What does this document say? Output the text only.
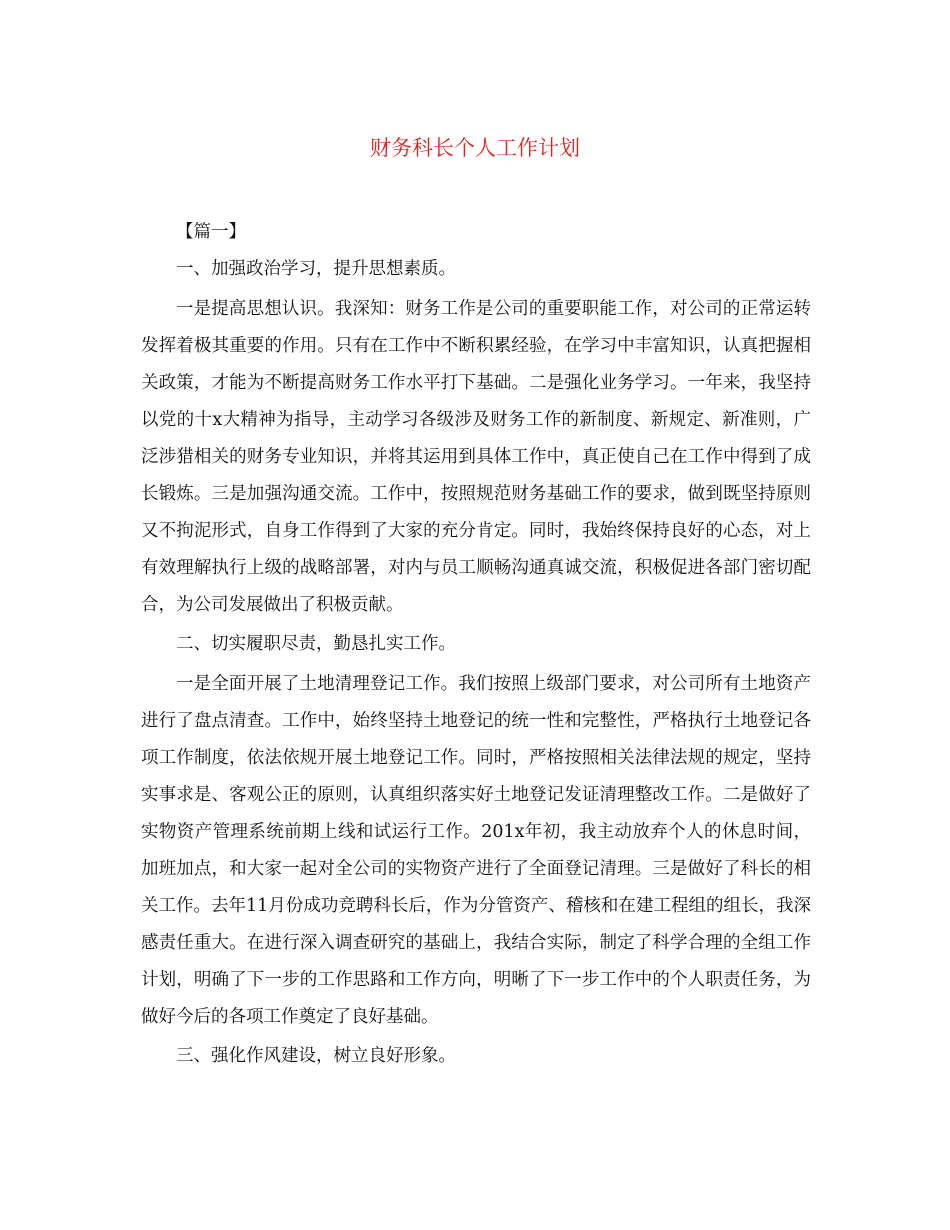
财务科长个人工作计划

【篇一】

一、加强政治学习，提升思想素质。

一是提高思想认识。我深知：财务工作是公司的重要职能工作，对公司的正常运转发挥着极其重要的作用。只有在工作中不断积累经验，在学习中丰富知识，认真把握相关政策，才能为不断提高财务工作水平打下基础。二是强化业务学习。一年来，我坚持以党的十x大精神为指导，主动学习各级涉及财务工作的新制度、新规定、新准则，广泛涉猎相关的财务专业知识，并将其运用到具体工作中，真正使自己在工作中得到了成长锻炼。三是加强沟通交流。工作中，按照规范财务基础工作的要求，做到既坚持原则又不拘泥形式，自身工作得到了大家的充分肯定。同时，我始终保持良好的心态，对上有效理解执行上级的战略部署，对内与员工顺畅沟通真诚交流，积极促进各部门密切配合，为公司发展做出了积极贡献。

二、切实履职尽责，勤恳扎实工作。

一是全面开展了土地清理登记工作。我们按照上级部门要求，对公司所有土地资产进行了盘点清查。工作中，始终坚持土地登记的统一性和完整性，严格执行土地登记各项工作制度，依法依规开展土地登记工作。同时，严格按照相关法律法规的规定，坚持实事求是、客观公正的原则，认真组织落实好土地登记发证清理整改工作。二是做好了实物资产管理系统前期上线和试运行工作。201x年初，我主动放弃个人的休息时间，加班加点，和大家一起对全公司的实物资产进行了全面登记清理。三是做好了科长的相关工作。去年11月份成功竞聘科长后，作为分管资产、稽核和在建工程组的组长，我深感责任重大。在进行深入调查研究的基础上，我结合实际，制定了科学合理的全组工作计划，明确了下一步的工作思路和工作方向，明晰了下一步工作中的个人职责任务，为做好今后的各项工作奠定了良好基础。

三、强化作风建设，树立良好形象。
